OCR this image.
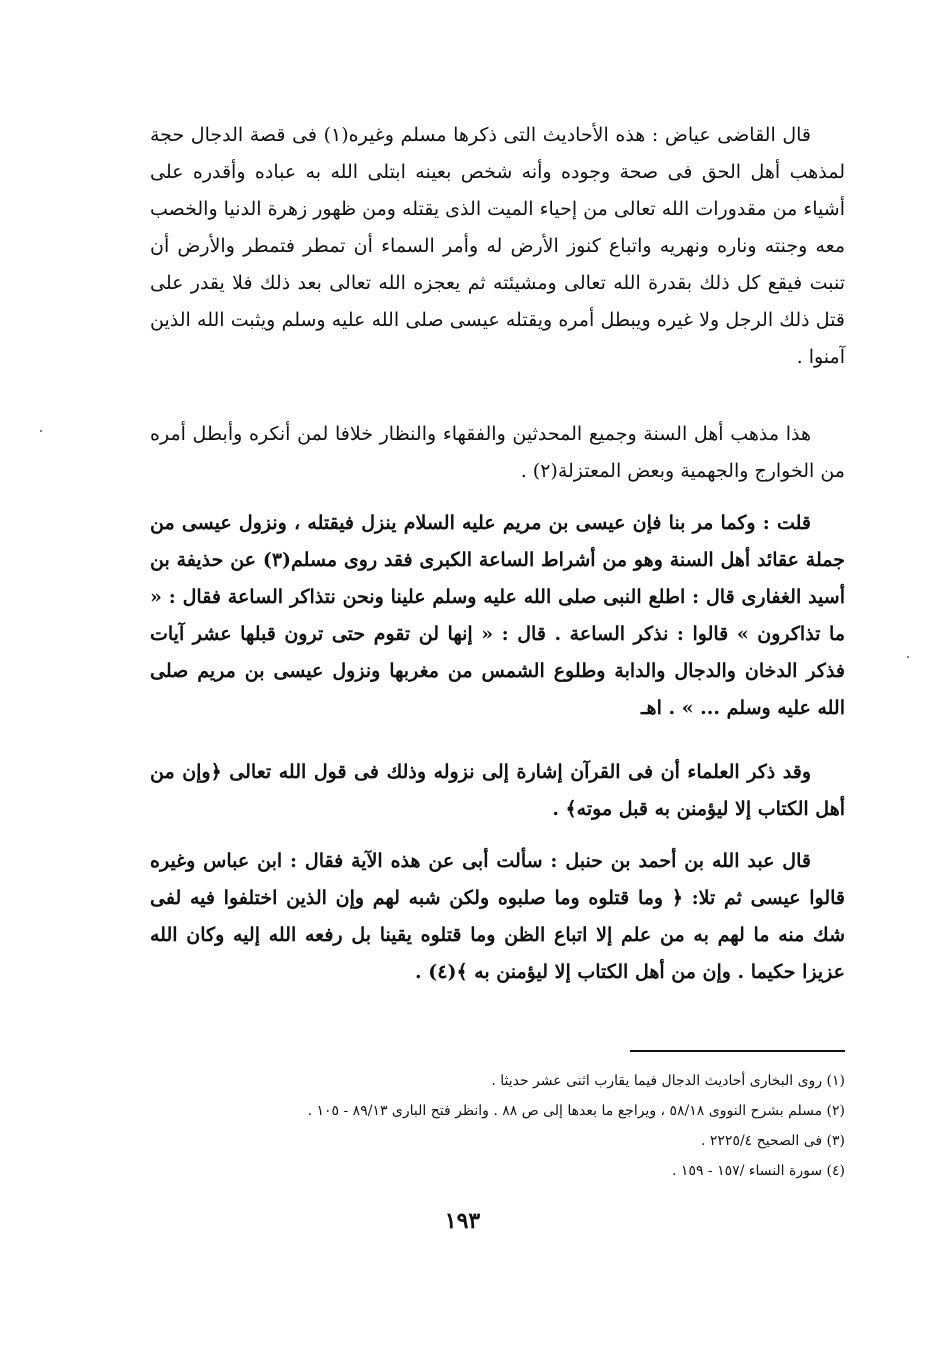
قال القاضى عياض : هذه الأحاديث التى ذكرها مسلم وغيره(١) فى قصة الدجال حجة لمذهب أهل الحق فى صحة وجوده وأنه شخص بعينه ابتلى الله به عباده وأقدره على أشياء من مقدورات الله تعالى من إحياء الميت الذى يقتله ومن ظهور زهرة الدنيا والخصب معه وجنته وناره ونهريه واتباع كنوز الأرض له وأمر السماء أن تمطر فتمطر والأرض أن تنبت فيقع كل ذلك بقدرة الله تعالى ومشيئته ثم يعجزه الله تعالى بعد ذلك فلا يقدر على قتل ذلك الرجل ولا غيره ويبطل أمره ويقتله عيسى صلى الله عليه وسلم ويثبت الله الذين آمنوا .

هذا مذهب أهل السنة وجميع المحدثين والفقهاء والنظار خلافا لمن أنكره وأبطل أمره من الخوارج والجهمية وبعض المعتزلة(٢) .

قلت : وكما مر بنا فإن عيسى بن مريم عليه السلام ينزل فيقتله ، ونزول عيسى من جملة عقائد أهل السنة وهو من أشراط الساعة الكبرى فقد روى مسلم(٣) عن حذيفة بن أسيد الغفارى قال : اطلع النبى صلى الله عليه وسلم علينا ونحن نتذاكر الساعة فقال : « ما تذاكرون » قالوا : نذكر الساعة . قال : « إنها لن تقوم حتى ترون قبلها عشر آيات فذكر الدخان والدجال والدابة وطلوع الشمس من مغربها ونزول عيسى بن مريم صلى الله عليه وسلم ... » . اهـ

وقد ذكر العلماء أن فى القرآن إشارة إلى نزوله وذلك فى قول الله تعالى ﴿وإن من أهل الكتاب إلا ليؤمنن به قبل موته﴾ .

قال عبد الله بن أحمد بن حنبل : سألت أبى عن هذه الآية فقال : ابن عباس وغيره قالوا عيسى ثم تلا: ﴿ وما قتلوه وما صلبوه ولكن شبه لهم وإن الذين اختلفوا فيه لفى شك منه ما لهم به من علم إلا اتباع الظن وما قتلوه يقينا بل رفعه الله إليه وكان الله عزيزا حكيما . وإن من أهل الكتاب إلا ليؤمنن به ﴾(٤) .

(١) روى البخارى أحاديث الدجال فيما يقارب اثنى عشر حديثا .

(٢) مسلم بشرح النووى ٥٨/١٨ ، ويراجع ما بعدها إلى ص ٨٨ . وانظر فتح البارى ٨٩/١٣ - ١٠٥ .

(٣) فى الصحيح ٢٢٢٥/٤ .

(٤) سورة النساء /١٥٧ - ١٥٩ .

١٩٣
